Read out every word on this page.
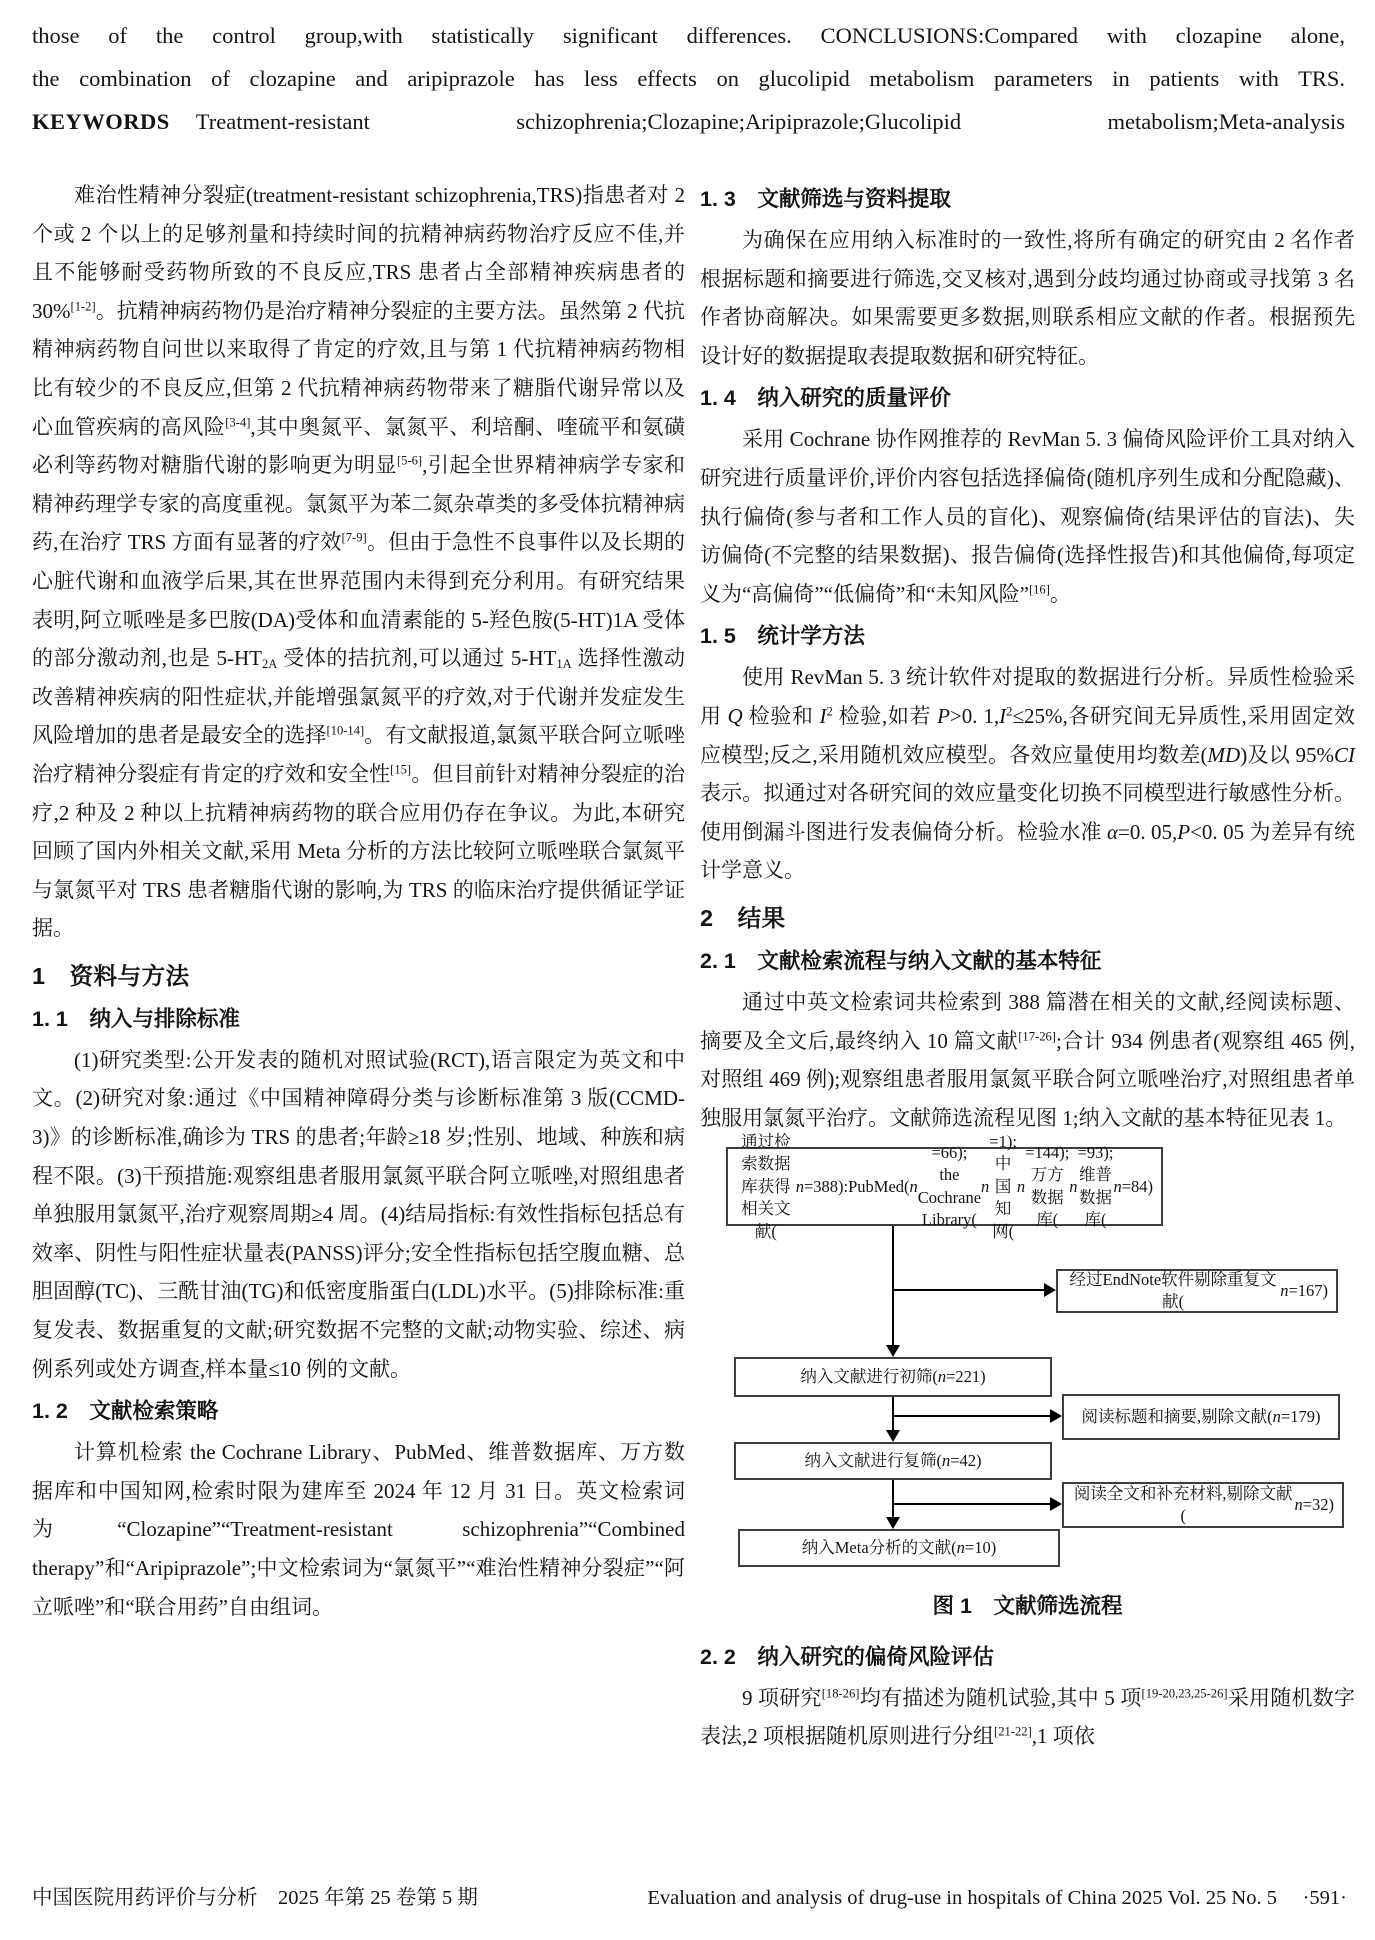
those of the control group,with statistically significant differences. CONCLUSIONS:Compared with clozapine alone,
the combination of clozapine and aripiprazole has less effects on glucolipid metabolism parameters in patients with TRS.
KEYWORDS Treatment-resistant schizophrenia;Clozapine;Aripiprazole;Glucolipid metabolism;Meta-analysis

难治性精神分裂症(treatment-resistant schizophrenia,TRS)指患者对 2 个或 2 个以上的足够剂量和持续时间的抗精神病药物治疗反应不佳,并且不能够耐受药物所致的不良反应,TRS 患者占全部精神疾病患者的 30%[1-2]。抗精神病药物仍是治疗精神分裂症的主要方法。虽然第 2 代抗精神病药物自问世以来取得了肯定的疗效,且与第 1 代抗精神病药物相比有较少的不良反应,但第 2 代抗精神病药物带来了糖脂代谢异常以及心血管疾病的高风险[3-4],其中奥氮平、氯氮平、利培酮、喹硫平和氨磺必利等药物对糖脂代谢的影响更为明显[5-6],引起全世界精神病学专家和精神药理学专家的高度重视。氯氮平为苯二氮杂䓬类的多受体抗精神病药,在治疗 TRS 方面有显著的疗效[7-9]。但由于急性不良事件以及长期的心脏代谢和血液学后果,其在世界范围内未得到充分利用。有研究结果表明,阿立哌唑是多巴胺(DA)受体和血清素能的 5-羟色胺(5-HT)1A 受体的部分激动剂,也是 $5-HT_{2A}$ 受体的拮抗剂,可以通过 $5-HT_{1A}$ 选择性激动改善精神疾病的阳性症状,并能增强氯氮平的疗效,对于代谢并发症发生风险增加的患者是最安全的选择[10-14]。有文献报道,氯氮平联合阿立哌唑治疗精神分裂症有肯定的疗效和安全性[15]。但目前针对精神分裂症的治疗,2 种及 2 种以上抗精神病药物的联合应用仍存在争议。为此,本研究回顾了国内外相关文献,采用 Meta 分析的方法比较阿立哌唑联合氯氮平与氯氮平对 TRS 患者糖脂代谢的影响,为 TRS 的临床治疗提供循证学证据。

1　资料与方法
1. 1　纳入与排除标准

(1)研究类型:公开发表的随机对照试验(RCT),语言限定为英文和中文。(2)研究对象:通过《中国精神障碍分类与诊断标准第 3 版(CCMD-3)》的诊断标准,确诊为 TRS 的患者;年龄≥18 岁;性别、地域、种族和病程不限。(3)干预措施:观察组患者服用氯氮平联合阿立哌唑,对照组患者单独服用氯氮平,治疗观察周期≥4 周。(4)结局指标:有效性指标包括总有效率、阴性与阳性症状量表(PANSS)评分;安全性指标包括空腹血糖、总胆固醇(TC)、三酰甘油(TG)和低密度脂蛋白(LDL)水平。(5)排除标准:重复发表、数据重复的文献;研究数据不完整的文献;动物实验、综述、病例系列或处方调查,样本量≤10 例的文献。

1. 2　文献检索策略

计算机检索 the Cochrane Library、PubMed、维普数据库、万方数据库和中国知网,检索时限为建库至 2024 年 12 月 31 日。英文检索词为“Clozapine”“Treatment-resistant schizophrenia”“Combined therapy”和“Aripiprazole”;中文检索词为“氯氮平”“难治性精神分裂症”“阿立哌唑”和“联合用药”自由组词。

1. 3　文献筛选与资料提取

为确保在应用纳入标准时的一致性,将所有确定的研究由 2 名作者根据标题和摘要进行筛选,交叉核对,遇到分歧均通过协商或寻找第 3 名作者协商解决。如果需要更多数据,则联系相应文献的作者。根据预先设计好的数据提取表提取数据和研究特征。

1. 4　纳入研究的质量评价

采用 Cochrane 协作网推荐的 RevMan 5. 3 偏倚风险评价工具对纳入研究进行质量评价,评价内容包括选择偏倚(随机序列生成和分配隐藏)、执行偏倚(参与者和工作人员的盲化)、观察偏倚(结果评估的盲法)、失访偏倚(不完整的结果数据)、报告偏倚(选择性报告)和其他偏倚,每项定义为“高偏倚”“低偏倚”和“未知风险”[16]。

1. 5　统计学方法

使用 RevMan 5. 3 统计软件对提取的数据进行分析。异质性检验采用 Q 检验和 $I^2$ 检验,如若 P>0. $1,I^2\le 25\%$,各研究间无异质性,采用固定效应模型;反之,采用随机效应模型。各效应量使用均数差(MD)及以 95%CI 表示。拟通过对各研究间的效应量变化切换不同模型进行敏感性分析。使用倒漏斗图进行发表偏倚分析。检验水准 α=0. 05,P<0. 05 为差异有统计学意义。

2　结果
2. 1　文献检索流程与纳入文献的基本特征

通过中英文检索词共检索到 388 篇潜在相关的文献,经阅读标题、摘要及全文后,最终纳入 10 篇文献[17-26];合计 934 例患者(观察组 465 例,对照组 469 例);观察组患者服用氯氮平联合阿立哌唑治疗,对照组患者单独服用氯氮平治疗。文献筛选流程见图 1;纳入文献的基本特征见表 1。

通过检索数据库获得相关文献(
n =388):PubMed( n
=66);
the Cochrane Library(
n
=1);中国知网(
n
=144);
万方数据库(
n
=93);维普数据库(
n =84)
经过EndNote软件剔除重复文献(
n =167)
纳入文献进行初筛( n =221)
阅读标题和摘要,剔除文献( n =179)
纳入文献进行复筛( n =42)
阅读全文和补充材料,剔除文献(
n =32)
纳入Meta分析的文献( n =10)
图 1　文献筛选流程
2. 2　纳入研究的偏倚风险评估

9 项研究[18-26]均有描述为随机试验,其中 5 项[19-20,23,25-26]采用随机数字表法,2 项根据随机原则进行分组[21-22],1 项依

中国医院用药评价与分析　2025 年第 25 卷第 5 期	Evaluation and analysis of drug-use in hospitals of China 2025 Vol. 25 No. 5 　·591·
